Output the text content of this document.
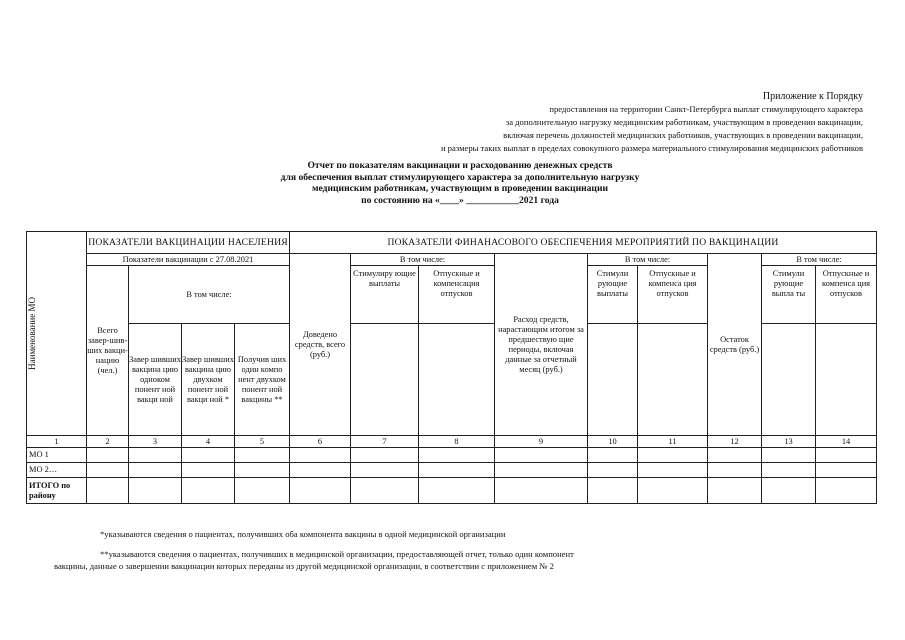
Приложение к Порядку
предоставления на территории Санкт-Петербурга выплат стимулирующего характера
за дополнительную нагрузку медицинским работникам, участвующим в проведении вакцинации,
включая перечень должностей медицинских работников, участвующих в проведении вакцинации,
и размеры таких выплат в пределах совокупного размера материального стимулирования медицинских работников
Отчет по показателям вакцинации и расходованию денежных средств
для обеспечения выплат стимулирующего характера за дополнительную нагрузку
медицинским работникам, участвующим в проведении вакцинации
по состоянию на «____» ___________2021 года
Наименование МО	ПОКАЗАТЕЛИ ВАКЦИНАЦИИ НАСЕЛЕНИЯ				ПОКАЗАТЕЛИ ФИНАНАСОВОГО ОБЕСПЕЧЕНИЯ МЕРОПРИЯТИЙ ПО ВАКЦИНАЦИИ								
	Показатели вакцинации с 27.08.2021				Доведено средств, всего (руб.)	В том числе:		Расход средств, нарастающим итогом за предшествую щие периоды, включая данные за отчетный месяц (руб.)	В том числе:		Остаток средств (руб.)	В том числе:	
	Всего завер-шив-ших вакци-нацию (чел.)	В том числе:				Стимулиру ющие выплаты	Отпускные и компенсация отпусков		Стимули рующие выплаты	Отпускные и компенса ция отпусков		Стимули рующие выпла ты	Отпускные и компенса ция отпусков
		Завер шивших вакцина цию одноком понент ной вакци ной	Завер шивших вакцина цию двухком понент ной вакци ной *	Получив ших один компо нент двухком понент ной вакцины **									

1	2	3	4	5	6	7	8	9	10	11	12	13	14
МО 1													
МО 2…													
ИТОГО по району													
*указываются сведения о пациентах, получивших оба компонента вакцины в одной медицинской организации
**указываются сведения о пациентах, получивших в медицинской организации, предоставляющей отчет, только один компонент
вакцины, данные о завершении вакцинации которых переданы из другой медицинской организации, в соответствии с приложением № 2
